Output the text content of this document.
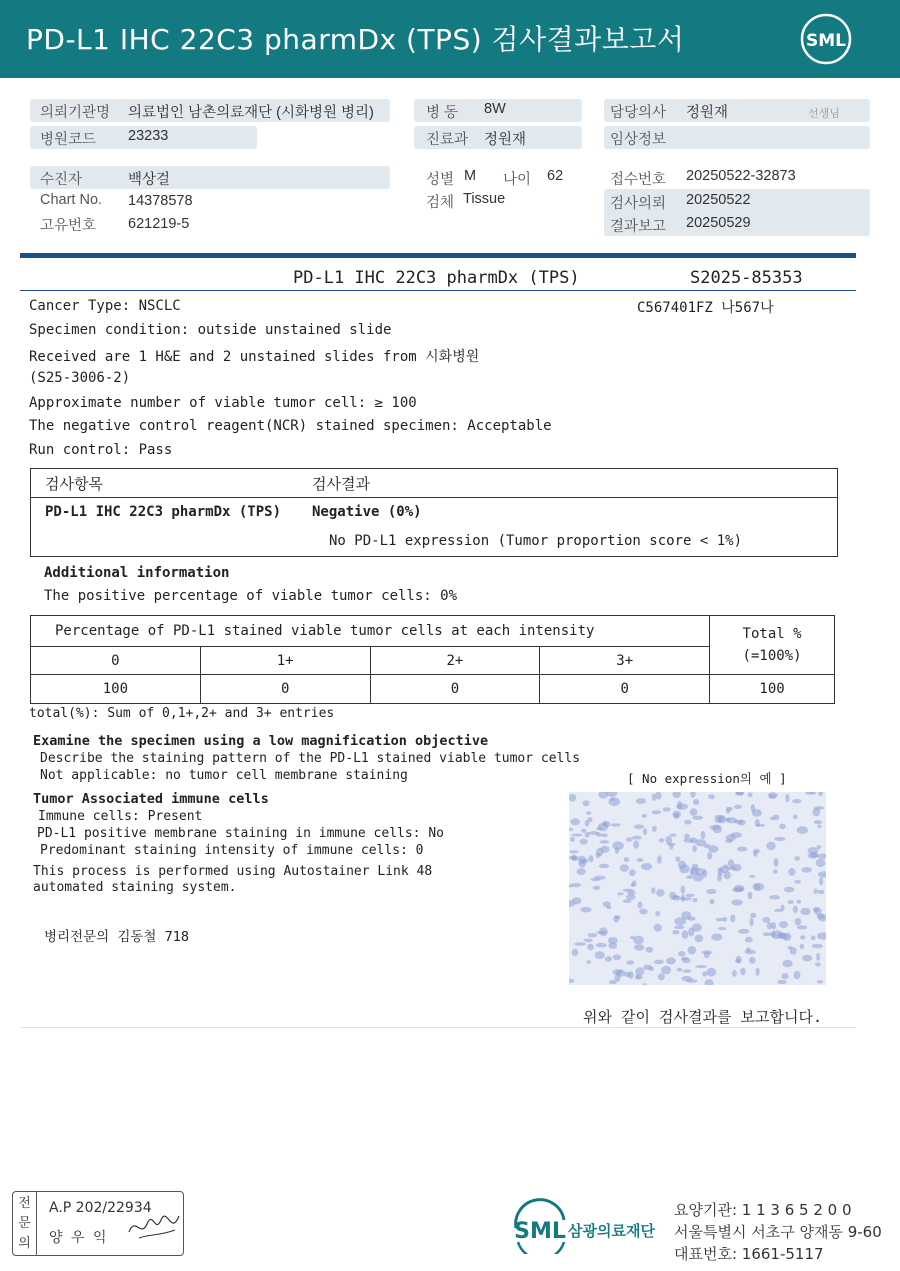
PD-L1 IHC 22C3 pharmDx (TPS) 검사결과보고서	SML
의뢰기관명 의료법인 남촌의료재단 (시화병원 병리)
병원코드 23233
병 동 8W
진료과 정원재
담당의사 정원재	선생님
임상정보
수진자	백상걸
Chart No. 14378578
고유번호 621219-5
성별 M 나이 62
검체 Tissue
접수번호 20250522-32873
검사의뢰 20250522
결과보고 20250529
PD-L1 IHC 22C3 pharmDx (TPS)	S2025-85353
C567401FZ 나567나
Cancer Type: NSCLC
Specimen condition: outside unstained slide
Received are 1 H&E and 2 unstained slides from 시화병원
(S25-3006-2)
Approximate number of viable tumor cell: ≥ 100
The negative control reagent(NCR) stained specimen: Acceptable
Run control: Pass
검사항목	검사결과
PD-L1 IHC 22C3 pharmDx (TPS) Negative (0%)
No PD-L1 expression (Tumor proportion score < 1%)
Additional information
The positive percentage of viable tumor cells: 0%
Percentage of PD-L1 stained viable tumor cells at each intensity				Total %
(=100%)

0	1+	2+	3+	
100	0	0	0	100
total(%): Sum of 0,1+,2+ and 3+ entries
Examine the specimen using a low magnification objective
Describe the staining pattern of the PD-L1 stained viable tumor cells
Not applicable: no tumor cell membrane staining	[ No expression의 예 ]
Tumor Associated immune cells
Immune cells: Present
PD-L1 positive membrane staining in immune cells: No
Predominant staining intensity of immune cells: 0
This process is performed using Autostainer Link 48
automated staining system.
병리전문의 김동철 718
위와 같이 검사결과를 보고합니다.
전
문
의
A.P 202/22934
양 우 익	SML 삼광의료재단
요양기관: 1 1 3 6 5 2 0 0
서울특별시 서초구 양재동 9-60
대표번호: 1661-5117
